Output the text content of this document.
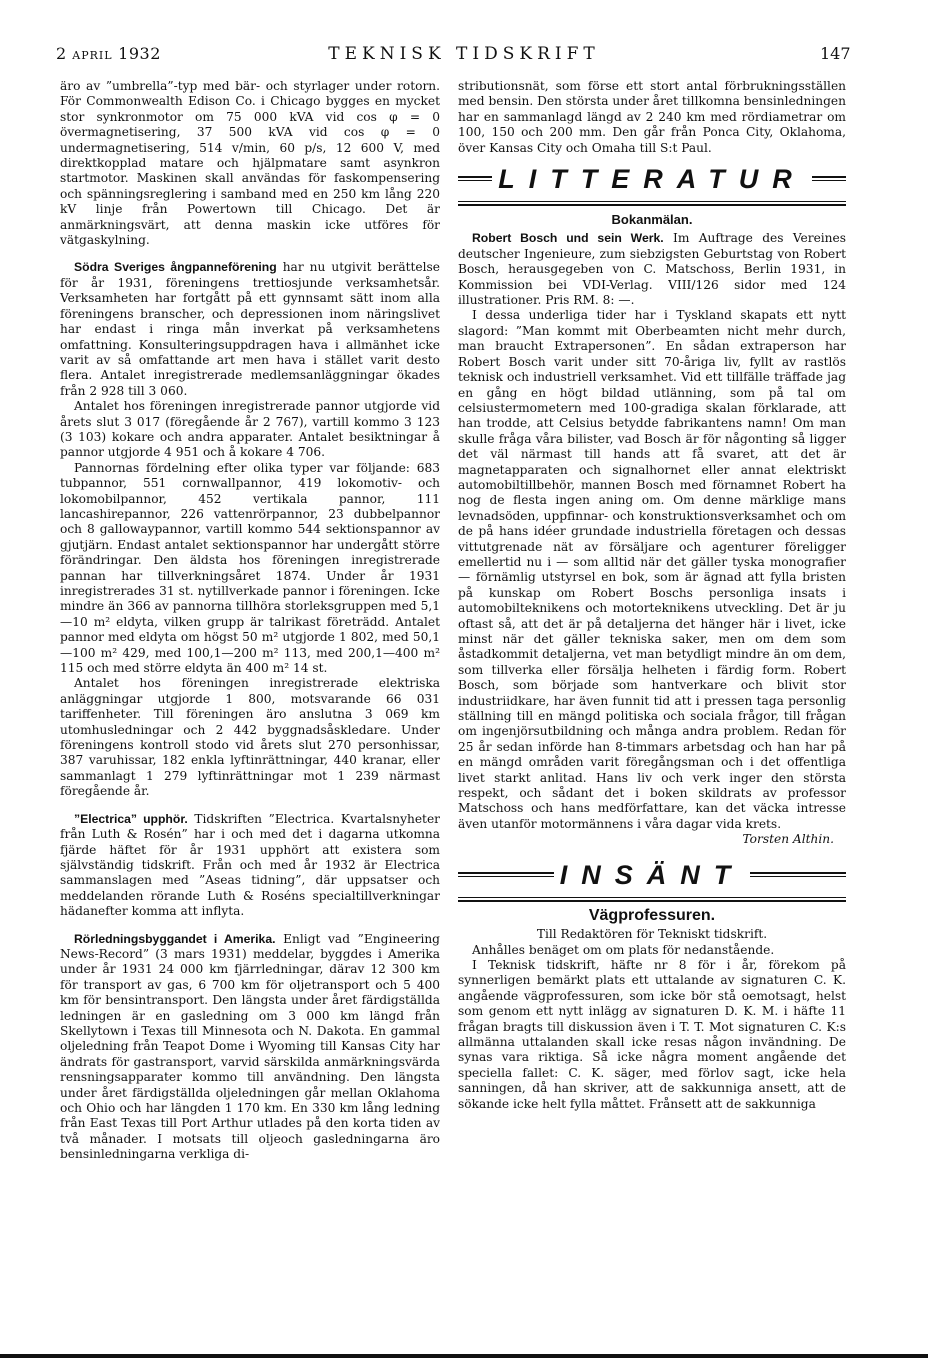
2 APRIL 1932	TEKNISK TIDSKRIFT	147

äro av ”umbrella”-typ med bär- och styrlager under rotorn. För Commonwealth Edison Co. i Chicago bygges en mycket stor synkronmotor om 75 000 kVA vid cos φ = 0 övermagnetisering, 37 500 kVA vid cos φ = 0 undermagnetisering, 514 v/min, 60 p/s, 12 600 V, med direktkopplad matare och hjälpmatare samt asynkron startmotor. Maskinen skall användas för faskompensering och spänningsreglering i samband med en 250 km lång 220 kV linje från Powertown till Chicago. Det är anmärkningsvärt, att denna maskin icke utföres för vätgaskylning.

Södra Sveriges ångpanneförening har nu utgivit berättelse för år 1931, föreningens trettiosjunde verksamhetsår. Verksamheten har fortgått på ett gynnsamt sätt inom alla föreningens branscher, och depressionen inom näringslivet har endast i ringa mån inverkat på verksamhetens omfattning. Konsulteringsuppdragen hava i allmänhet icke varit av så omfattande art men hava i stället varit desto flera. Antalet inregistrerade medlemsanläggningar ökades från 2 928 till 3 060.

Antalet hos föreningen inregistrerade pannor utgjorde vid årets slut 3 017 (föregående år 2 767), vartill kommo 3 123 (3 103) kokare och andra apparater. Antalet besiktningar å pannor utgjorde 4 951 och å kokare 4 706.

Pannornas fördelning efter olika typer var följande: 683 tubpannor, 551 cornwallpannor, 419 lokomotiv- och lokomobilpannor, 452 vertikala pannor, 111 lancashirepannor, 226 vattenrörpannor, 23 dubbelpannor och 8 gallowaypannor, vartill kommo 544 sektionspannor av gjutjärn. Endast antalet sektionspannor har undergått större förändringar. Den äldsta hos föreningen inregistrerade pannan har tillverkningsåret 1874. Under år 1931 inregistrerades 31 st. nytillverkade pannor i föreningen. Icke mindre än 366 av pannorna tillhöra storleksgruppen med 5,1—10 m² eldyta, vilken grupp är talrikast företrädd. Antalet pannor med eldyta om högst 50 m² utgjorde 1 802, med 50,1—100 m² 429, med 100,1—200 m² 113, med 200,1—400 m² 115 och med större eldyta än 400 m² 14 st.

Antalet hos föreningen inregistrerade elektriska anläggningar utgjorde 1 800, motsvarande 66 031 tariffenheter. Till föreningen äro anslutna 3 069 km utomhusledningar och 2 442 byggnadsåskledare. Under föreningens kontroll stodo vid årets slut 270 personhissar, 387 varuhissar, 182 enkla lyftinrättningar, 440 kranar, eller sammanlagt 1 279 lyftinrättningar mot 1 239 närmast föregående år.

”Electrica” upphör. Tidskriften ”Electrica. Kvartalsnyheter från Luth & Rosén” har i och med det i dagarna utkomna fjärde häftet för år 1931 upphört att existera som självständig tidskrift. Från och med år 1932 är Electrica sammanslagen med ”Aseas tidning”, där uppsatser och meddelanden rörande Luth & Roséns specialtillverkningar hädanefter komma att inflyta.

Rörledningsbyggandet i Amerika. Enligt vad ”Engineering News-Record” (3 mars 1931) meddelar, byggdes i Amerika under år 1931 24 000 km fjärrledningar, därav 12 300 km för transport av gas, 6 700 km för oljetransport och 5 400 km för bensintransport. Den längsta under året färdigställda ledningen är en gasledning om 3 000 km längd från Skellytown i Texas till Minnesota och N. Dakota. En gammal oljeledning från Teapot Dome i Wyoming till Kansas City har ändrats för gastransport, varvid särskilda anmärkningsvärda rensningsapparater kommo till användning. Den längsta under året färdigställda oljeledningen går mellan Oklahoma och Ohio och har längden 1 170 km. En 330 km lång ledning från East Texas till Port Arthur utlades på den korta tiden av två månader. I motsats till oljeoch gasledningarna äro bensinledningarna verkliga di-

stributionsnät, som förse ett stort antal förbrukningsställen med bensin. Den största under året tillkomna bensinledningen har en sammanlagd längd av 2 240 km med rördiametrar om 100, 150 och 200 mm. Den går från Ponca City, Oklahoma, över Kansas City och Omaha till S:t Paul.

LITTERATUR
Bokanmälan.

Robert Bosch und sein Werk. Im Auftrage des Vereines deutscher Ingenieure, zum siebzigsten Geburtstag von Robert Bosch, herausgegeben von C. Matschoss, Berlin 1931, in Kommission bei VDI-Verlag. VIII/126 sidor med 124 illustrationer. Pris RM. 8: —.

I dessa underliga tider har i Tyskland skapats ett nytt slagord: ”Man kommt mit Oberbeamten nicht mehr durch, man braucht Extrapersonen”. En sådan extraperson har Robert Bosch varit under sitt 70-åriga liv, fyllt av rastlös teknisk och industriell verksamhet. Vid ett tillfälle träffade jag en gång en högt bildad utlänning, som på tal om celsiustermometern med 100-gradiga skalan förklarade, att han trodde, att Celsius betydde fabrikantens namn! Om man skulle fråga våra bilister, vad Bosch är för någonting så ligger det väl närmast till hands att få svaret, att det är magnetapparaten och signalhornet eller annat elektriskt automobiltillbehör, mannen Bosch med förnamnet Robert ha nog de flesta ingen aning om. Om denne märklige mans levnadsöden, uppfinnar- och konstruktionsverksamhet och om de på hans idéer grundade industriella företagen och dessas vittutgrenade nät av försäljare och agenturer föreligger emellertid nu i — som alltid när det gäller tyska monografier — förnämlig utstyrsel en bok, som är ägnad att fylla bristen på kunskap om Robert Boschs personliga insats i automobilteknikens och motorteknikens utveckling. Det är ju oftast så, att det är på detaljerna det hänger här i livet, icke minst när det gäller tekniska saker, men om dem som åstadkommit detaljerna, vet man betydligt mindre än om dem, som tillverka eller försälja helheten i färdig form. Robert Bosch, som började som hantverkare och blivit stor industriidkare, har även funnit tid att i pressen taga personlig ställning till en mängd politiska och sociala frågor, till frågan om ingenjörsutbildning och många andra problem. Redan för 25 år sedan införde han 8-timmars arbetsdag och han har på en mängd områden varit föregångsman och i det offentliga livet starkt anlitad. Hans liv och verk inger den största respekt, och sådant det i boken skildrats av professor Matschoss och hans medförfattare, kan det väcka intresse även utanför motormännens i våra dagar vida krets.

Torsten Althin.

INSÄNT
Vägprofessuren.

Till Redaktören för Tekniskt tidskrift.

Anhålles benäget om om plats för nedanstående.

I Teknisk tidskrift, häfte nr 8 för i år, förekom på synnerligen bemärkt plats ett uttalande av signaturen C. K. angående vägprofessuren, som icke bör stå oemotsagt, helst som genom ett nytt inlägg av signaturen D. K. M. i häfte 11 frågan bragts till diskussion även i T. T. Mot signaturen C. K:s allmänna uttalanden skall icke resas någon invändning. De synas vara riktiga. Så icke några moment angående det speciella fallet: C. K. säger, med förlov sagt, icke hela sanningen, då han skriver, att de sakkunniga ansett, att de sökande icke helt fylla måttet. Frånsett att de sakkunniga
